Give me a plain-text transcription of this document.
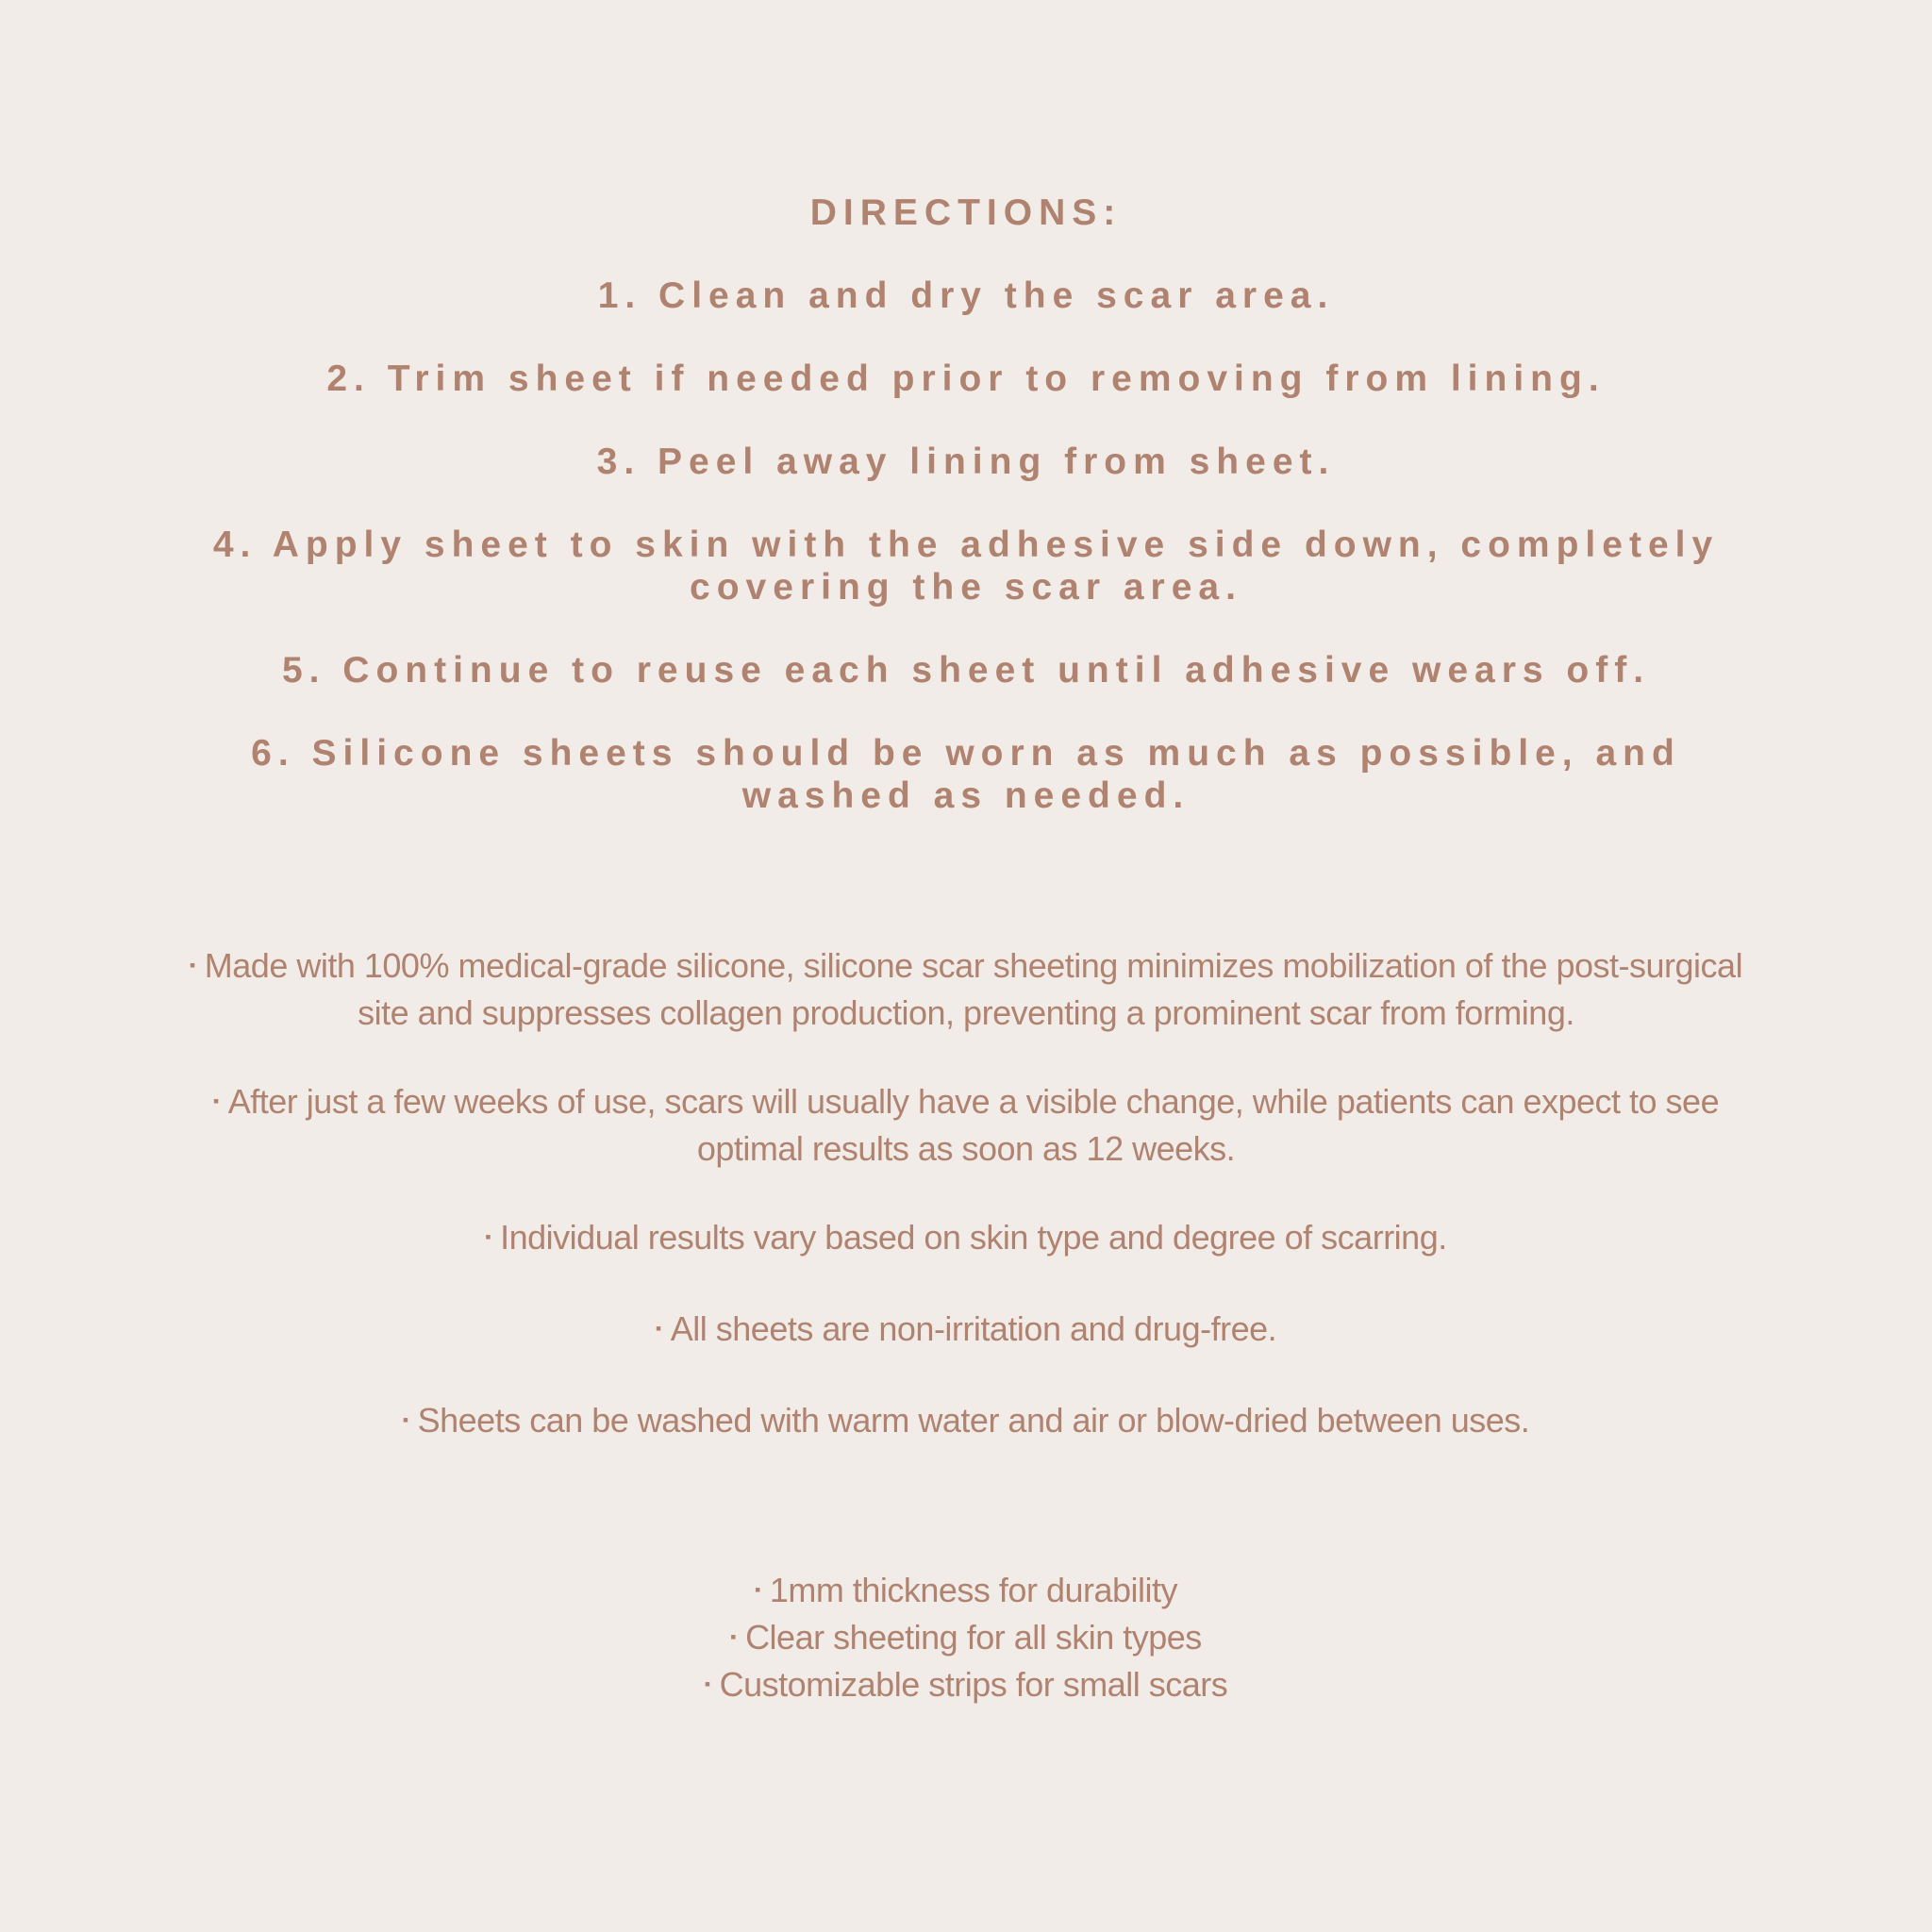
DIRECTIONS:
1. Clean and dry the scar area.
2. Trim sheet if needed prior to removing from lining.
3. Peel away lining from sheet.
4. Apply sheet to skin with the adhesive side down, completely covering the scar area.
5. Continue to reuse each sheet until adhesive wears off.
6. Silicone sheets should be worn as much as possible, and washed as needed.
▪ Made with 100% medical-grade silicone, silicone scar sheeting minimizes mobilization of the post-surgical site and suppresses collagen production, preventing a prominent scar from forming.
▪ After just a few weeks of use, scars will usually have a visible change, while patients can expect to see optimal results as soon as 12 weeks.
▪ Individual results vary based on skin type and degree of scarring.
▪ All sheets are non-irritation and drug-free.
▪ Sheets can be washed with warm water and air or blow-dried between uses.
▪ 1mm thickness for durability
▪ Clear sheeting for all skin types
▪ Customizable strips for small scars
